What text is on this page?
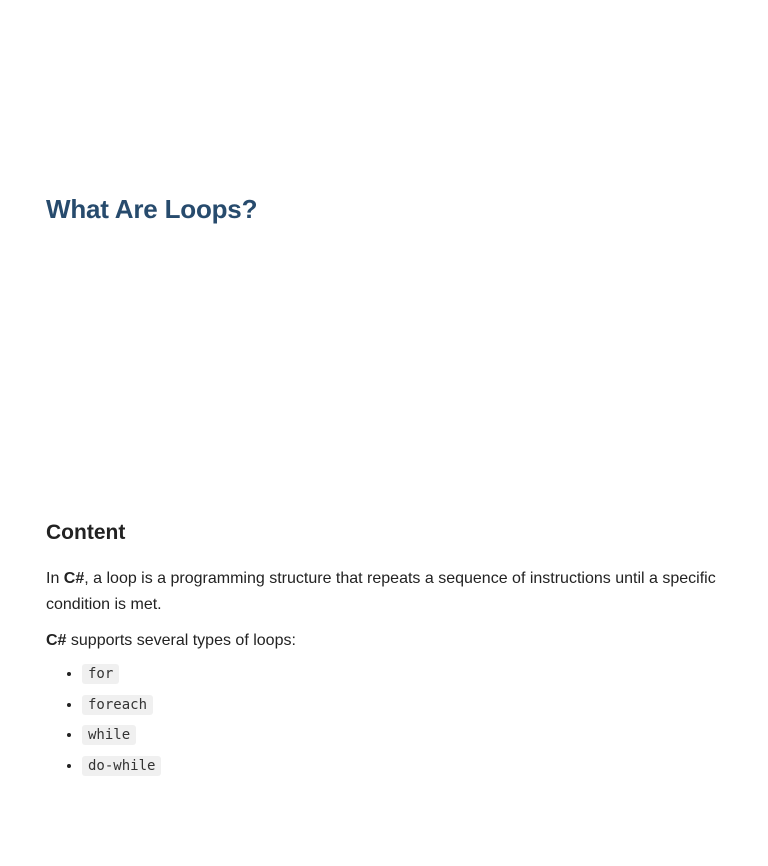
What Are Loops?
Content

In C#, a loop is a programming structure that repeats a sequence of instructions until a specific condition is met.

C# supports several types of loops:

• for
• foreach
• while
• do-while
